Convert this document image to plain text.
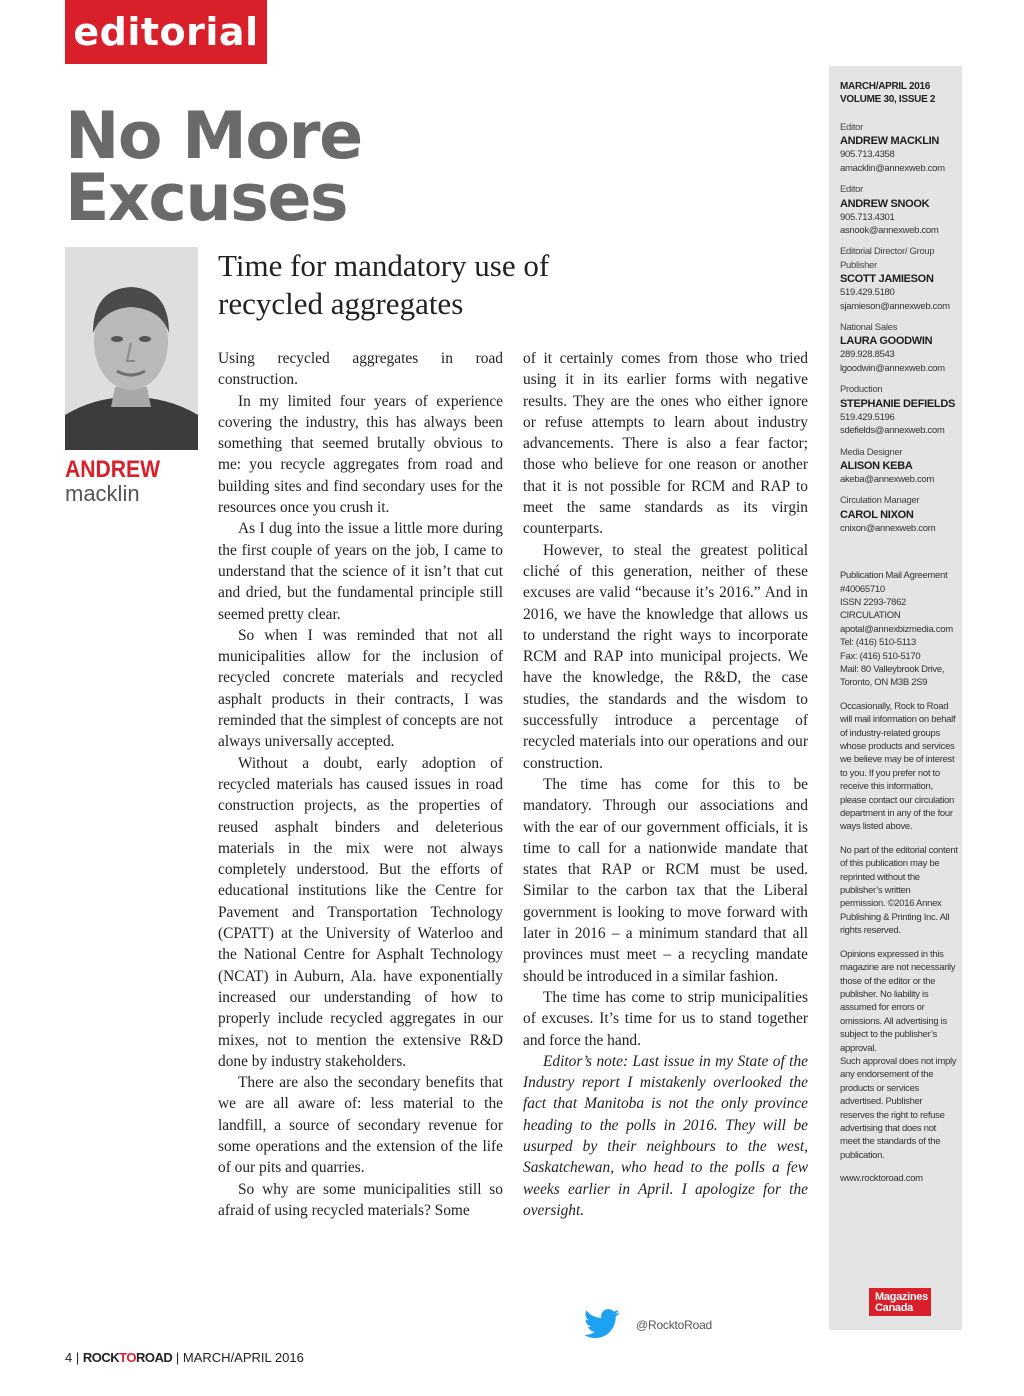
editorial
No More
Excuses
Time for mandatory use of recycled aggregates
ANDREW
macklin

Using recycled aggregates in road construction.

In my limited four years of experience covering the industry, this has always been something that seemed brutally obvious to me: you recycle aggregates from road and building sites and find secondary uses for the resources once you crush it.

As I dug into the issue a little more during the first couple of years on the job, I came to understand that the science of it isn’t that cut and dried, but the fundamental principle still seemed pretty clear.

So when I was reminded that not all municipalities allow for the inclusion of recycled concrete materials and recycled asphalt products in their contracts, I was reminded that the simplest of concepts are not always universally accepted.

Without a doubt, early adoption of recycled materials has caused issues in road construction projects, as the properties of reused asphalt binders and deleterious materials in the mix were not always completely understood. But the efforts of educational institutions like the Centre for Pavement and Transportation Technology (CPATT) at the University of Waterloo and the National Centre for Asphalt Technology (NCAT) in Auburn, Ala. have exponentially increased our understanding of how to properly include recycled aggregates in our mixes, not to mention the extensive R&D done by industry stakeholders.

There are also the secondary benefits that we are all aware of: less material to the landfill, a source of secondary revenue for some operations and the extension of the life of our pits and quarries.

So why are some municipalities still so afraid of using recycled materials? Some

of it certainly comes from those who tried using it in its earlier forms with negative results. They are the ones who either ignore or refuse attempts to learn about industry advancements. There is also a fear factor; those who believe for one reason or another that it is not possible for RCM and RAP to meet the same standards as its virgin counterparts.

However, to steal the greatest political cliché of this generation, neither of these excuses are valid “because it’s 2016.” And in 2016, we have the knowledge that allows us to understand the right ways to incorporate RCM and RAP into municipal projects. We have the knowledge, the R&D, the case studies, the standards and the wisdom to successfully introduce a percentage of recycled materials into our operations and our construction.

The time has come for this to be mandatory. Through our associations and with the ear of our government officials, it is time to call for a nationwide mandate that states that RAP or RCM must be used. Similar to the carbon tax that the Liberal government is looking to move forward with later in 2016 – a minimum standard that all provinces must meet – a recycling mandate should be introduced in a similar fashion.

The time has come to strip municipalities of excuses. It’s time for us to stand together and force the hand.

Editor’s note: Last issue in my State of the Industry report I mistakenly overlooked the fact that Manitoba is not the only province heading to the polls in 2016. They will be usurped by their neighbours to the west, Saskatchewan, who head to the polls a few weeks earlier in April. I apologize for the oversight.

MARCH/APRIL 2016
VOLUME 30, ISSUE 2
Editor
ANDREW MACKLIN
905.713.4358
amacklin@annexweb.com
Editor
ANDREW SNOOK
905.713.4301
asnook@annexweb.com
Editorial Director/ Group Publisher
SCOTT JAMIESON
519.429.5180
sjamieson@annexweb.com
National Sales
LAURA GOODWIN
289.928.8543
lgoodwin@annexweb.com
Production
STEPHANIE DEFIELDS
519.429.5196
sdefields@annexweb.com
Media Designer
ALISON KEBA
akeba@annexweb.com
Circulation Manager
CAROL NIXON
cnixon@annexweb.com
Publication Mail Agreement
#40065710
ISSN 2293-7862
CIRCULATION
apotal@annexbizmedia.com
Tel: (416) 510-5113
Fax: (416) 510-5170
Mail: 80 Valleybrook Drive,
Toronto, ON M3B 2S9
Occasionally, Rock to Road will mail information on behalf of industry-related groups whose products and services we believe may be of interest to you. If you prefer not to receive this information, please contact our circulation department in any of the four ways listed above.
No part of the editorial content of this publication may be reprinted without the publisher’s written permission. ©2016 Annex Publishing & Printing Inc. All rights reserved.
Opinions expressed in this magazine are not necessarily those of the editor or the publisher. No liability is assumed for errors or omissions. All advertising is subject to the publisher’s approval.
Such approval does not imply any endorsement of the products or services advertised. Publisher reserves the right to refuse advertising that does not meet the standards of the publication.
www.rocktoroad.com
Magazines
Canada
@RocktoRoad
4 | ROCKTOROAD | MARCH/APRIL 2016
